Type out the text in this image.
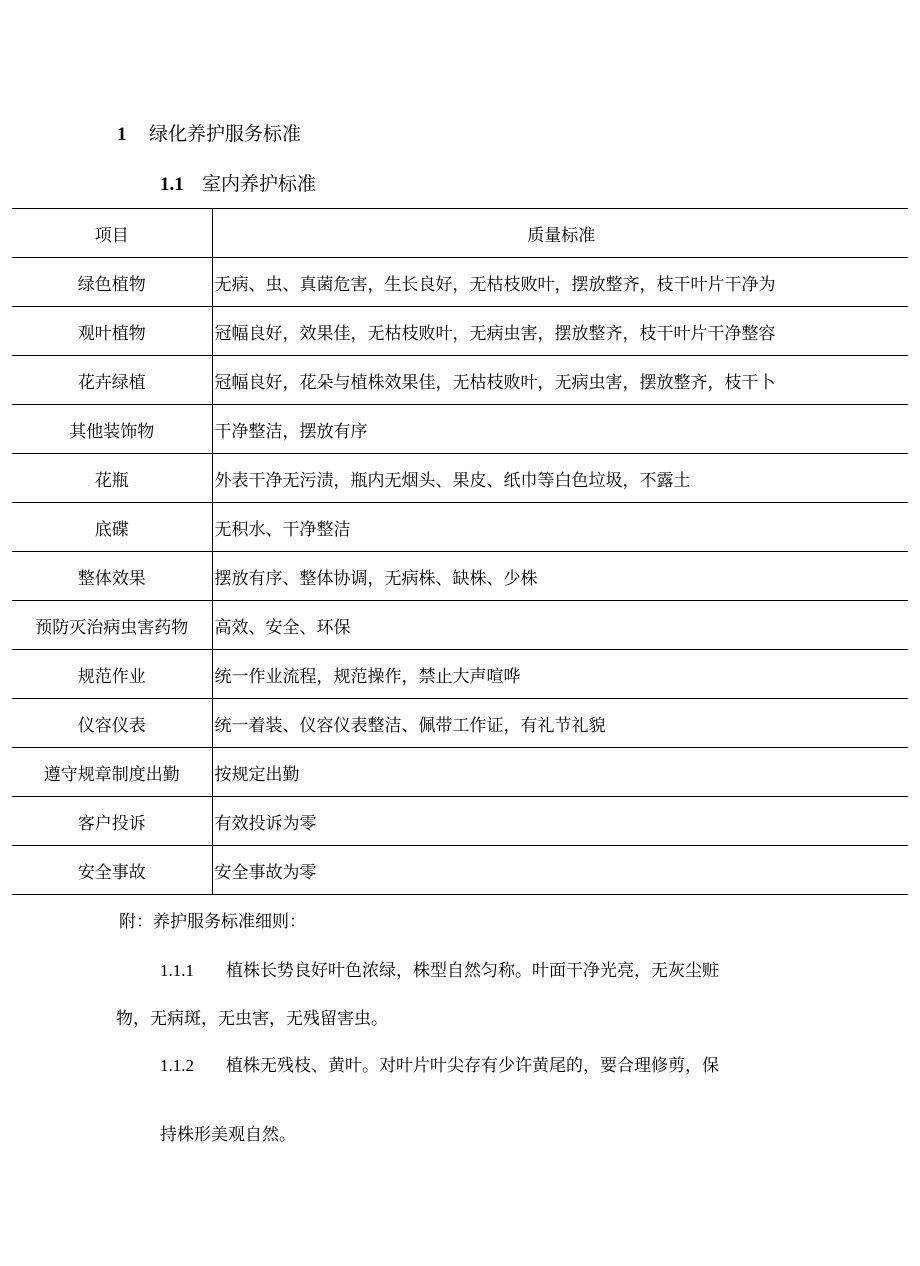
1 绿化养护服务标准
1.1 室内养护标准
项目	质量标准
绿色植物	无病、虫、真菌危害，生长良好，无枯枝败叶，摆放整齐，枝干叶片干净为
观叶植物	冠幅良好，效果佳，无枯枝败叶，无病虫害，摆放整齐，枝干叶片干净整容
花卉绿植	冠幅良好，花朵与植株效果佳，无枯枝败叶，无病虫害，摆放整齐，枝干卜
其他装饰物	干净整洁，摆放有序
花瓶	外表干净无污渍，瓶内无烟头、果皮、纸巾等白色垃圾，不露土
底碟	无积水、干净整洁
整体效果	摆放有序、整体协调，无病株、缺株、少株
预防灭治病虫害药物	高效、安全、环保
规范作业	统一作业流程，规范操作，禁止大声喧哗
仪容仪表	统一着装、仪容仪表整洁、佩带工作证，有礼节礼貌
遵守规章制度出勤	按规定出勤
客户投诉	有效投诉为零
安全事故	安全事故为零
附：养护服务标准细则：
1.1.1 植株长势良好叶色浓绿，株型自然匀称。叶面干净光亮，无灰尘赃
物，无病斑，无虫害，无残留害虫。
1.1.2 植株无残枝、黄叶。对叶片叶尖存有少许黄尾的，要合理修剪，保
持株形美观自然。
